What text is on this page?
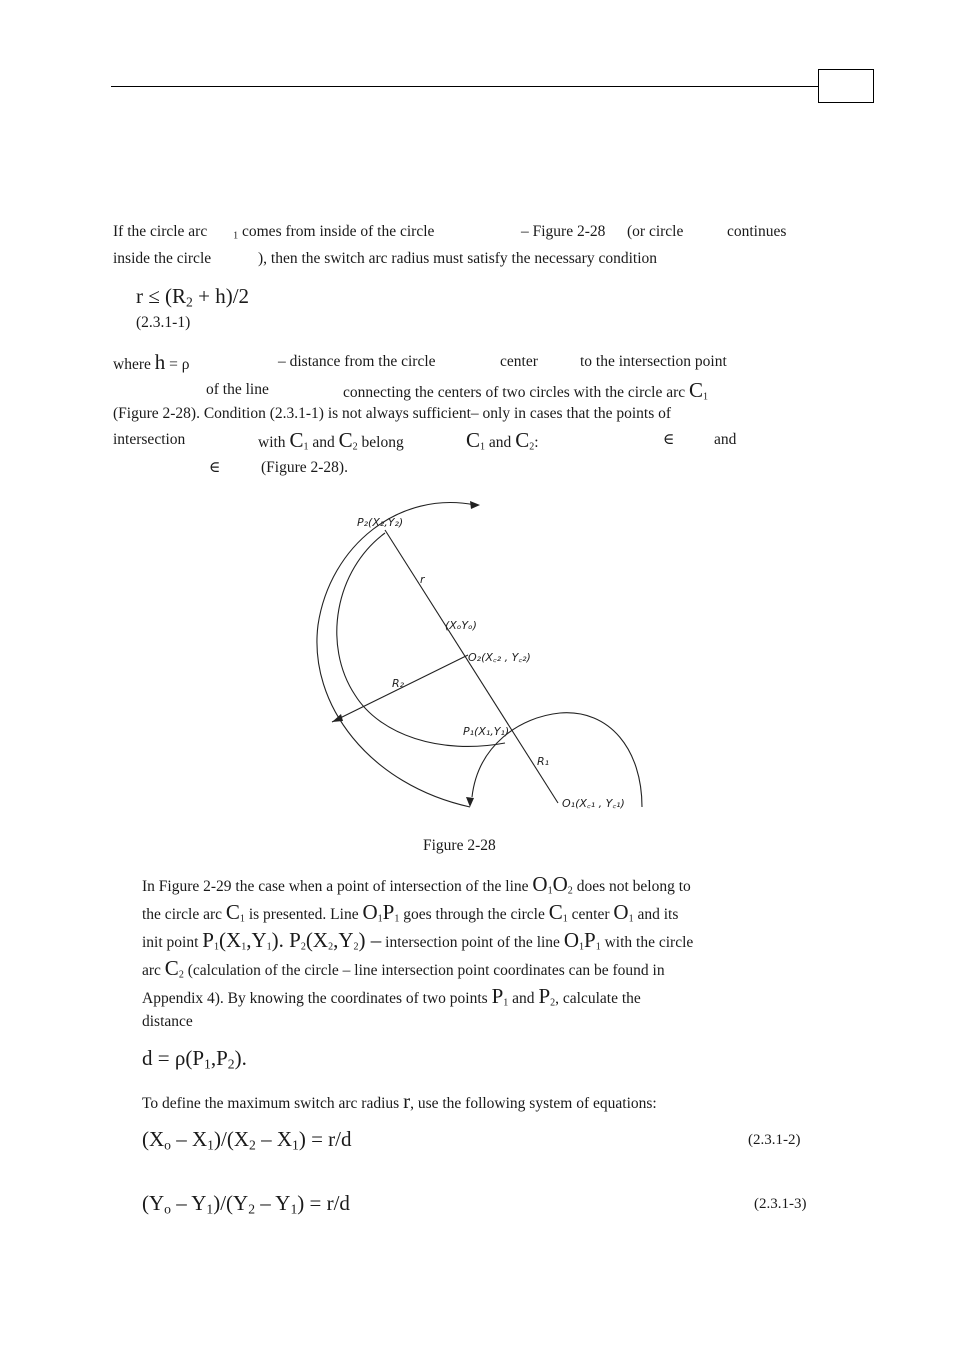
If the circle arc	$_1$ comes from inside of the circle	– Figure 2-28 (or circle	continues
inside the circle	), then the switch arc radius must satisfy the necessary condition
$r \le (R_2 + h)/2$
(2.3.1-1)
where h = ρ	– distance from the circle	center	to the intersection point
of the line	connecting the centers of two circles with the circle arc $C_1$
(Figure 2-28). Condition (2.3.1-1) is not always sufficient– only in cases that the points of
intersection	with $C_1$ and $C_2$ belong	$C_1$ and $C_2$:	∈	and
∈	(Figure 2-28).
P₂(X₂,Y₂)
r
(XₒYₒ)
O₂(X꜀₂ , Y꜀₂)
R₂
P₁(X₁,Y₁)
R₁
O₁(X꜀₁ , Y꜀₁)
Figure 2-28
In Figure 2-29 the case when a point of intersection of the line $O_1O_2$ does not belong to
the circle arc $C_1$ is presented. Line $O_1P_1$ goes through the circle $C_1$ center $O_1$ and its
init point $P_1(X_1,Y_1)$. $P_2(X_2,Y_2)$ – intersection point of the line $O_1P_1$ with the circle
arc $C_2$ (calculation of the circle – line intersection point coordinates can be found in
Appendix 4). By knowing the coordinates of two points $P_1$ and $P_2$, calculate the
distance
$d = \rho(P_1,P_2)$.
To define the maximum switch arc radius r, use the following system of equations:
$(X_o - X_1)/(X_2 - X_1) = r/d$	(2.3.1-2)
$(Y_o - Y_1)/(Y_2 - Y_1) = r/d$	(2.3.1-3)
